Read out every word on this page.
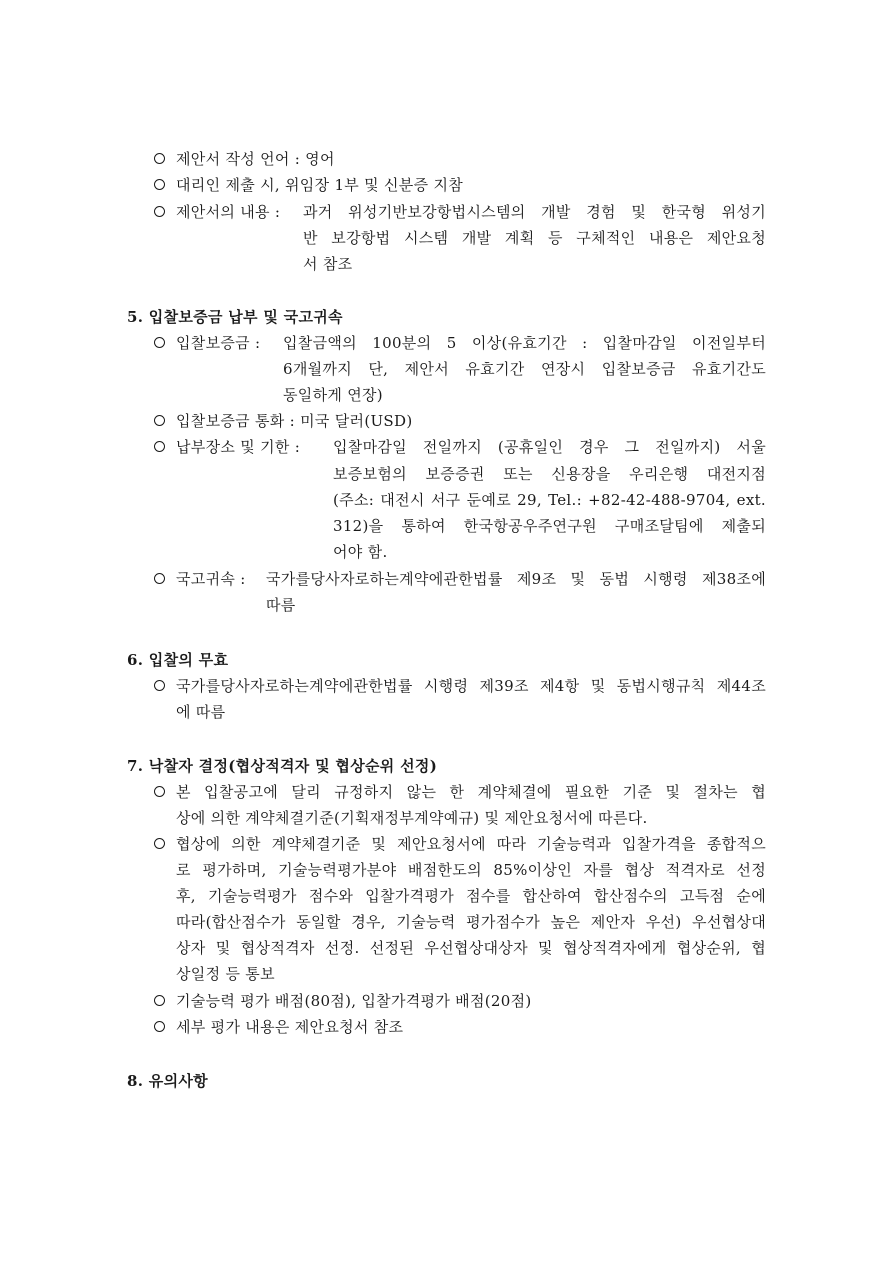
제안서 작성 언어 : 영어
대리인 제출 시, 위임장 1부 및 신분증 지참
제안서의 내용 : 과거 위성기반보강항법시스템의 개발 경험 및 한국형 위성기
반 보강항법 시스템 개발 계획 등 구체적인 내용은 제안요청
서 참조
5. 입찰보증금 납부 및 국고귀속
입찰보증금 : 입찰금액의 100분의 5 이상(유효기간 : 입찰마감일 이전일부터
6개월까지 단, 제안서 유효기간 연장시 입찰보증금 유효기간도
동일하게 연장)
입찰보증금 통화 : 미국 달러(USD)
납부장소 및 기한 : 입찰마감일 전일까지 (공휴일인 경우 그 전일까지) 서울
보증보험의 보증증권 또는 신용장을 우리은행 대전지점
(주소: 대전시 서구 둔예로 29, Tel.: +82-42-488-9704, ext.
312)을 통하여 한국항공우주연구원 구매조달팀에 제출되
어야 함.
국고귀속 : 국가를당사자로하는계약에관한법률 제9조 및 동법 시행령 제38조에
따름
6. 입찰의 무효
국가를당사자로하는계약에관한법률 시행령 제39조 제4항 및 동법시행규칙 제44조
에 따름
7. 낙찰자 결정(협상적격자 및 협상순위 선정)
본 입찰공고에 달리 규정하지 않는 한 계약체결에 필요한 기준 및 절차는 협
상에 의한 계약체결기준(기획재정부계약예규) 및 제안요청서에 따른다.
협상에 의한 계약체결기준 및 제안요청서에 따라 기술능력과 입찰가격을 종합적으
로 평가하며, 기술능력평가분야 배점한도의 85%이상인 자를 협상 적격자로 선정
후, 기술능력평가 점수와 입찰가격평가 점수를 합산하여 합산점수의 고득점 순에
따라(합산점수가 동일할 경우, 기술능력 평가점수가 높은 제안자 우선) 우선협상대
상자 및 협상적격자 선정. 선정된 우선협상대상자 및 협상적격자에게 협상순위, 협
상일정 등 통보
기술능력 평가 배점(80점), 입찰가격평가 배점(20점)
세부 평가 내용은 제안요청서 참조
8. 유의사항
